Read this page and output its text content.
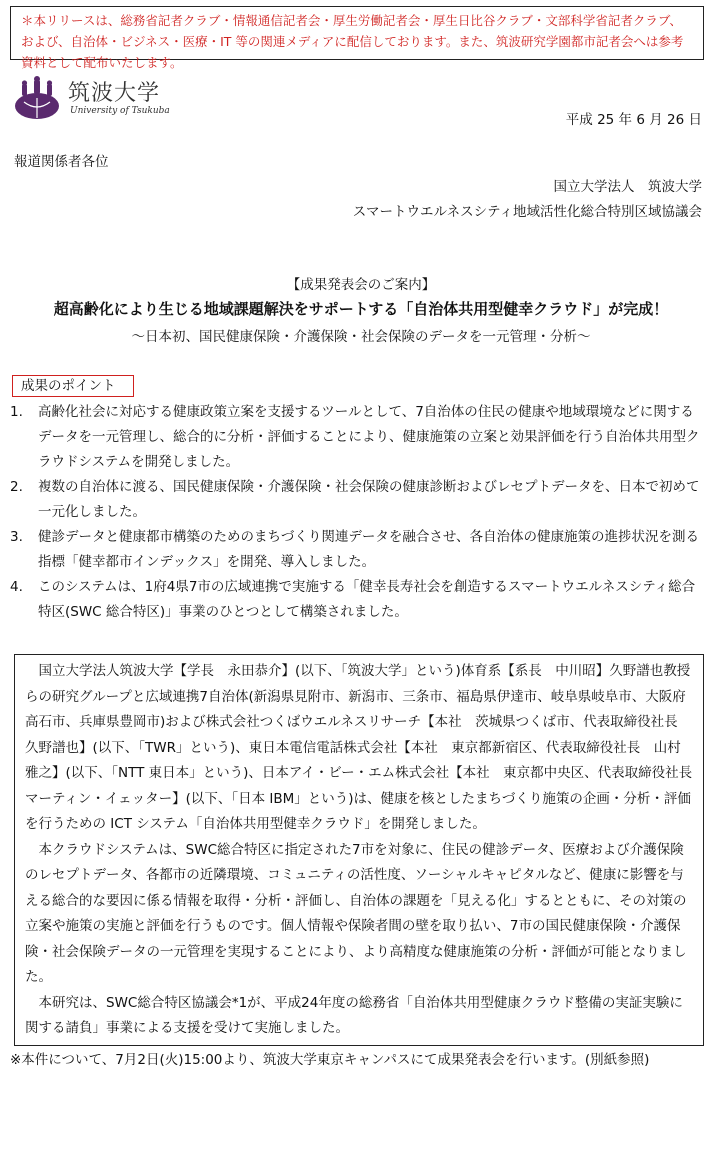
＊本リリースは、総務省記者クラブ・情報通信記者会・厚生労働記者会・厚生日比谷クラブ・文部科学省記者クラブ、および、自治体・ビジネス・医療・IT 等の関連メディアに配信しております。また、筑波研究学園都市記者会へは参考資料として配布いたします。
筑波大学
University of Tsukuba
平成 25 年 6 月 26 日
報道関係者各位
国立大学法人　筑波大学
スマートウエルネスシティ地域活性化総合特別区域協議会
【成果発表会のご案内】
超高齢化により生じる地域課題解決をサポートする「自治体共用型健幸クラウド」が完成！
～日本初、国民健康保険・介護保険・社会保険のデータを一元管理・分析～
成果のポイント
1. 高齢化社会に対応する健康政策立案を支援するツールとして、7自治体の住民の健康や地域環境などに関するデータを一元管理し、総合的に分析・評価することにより、健康施策の立案と効果評価を行う自治体共用型クラウドシステムを開発しました。
2. 複数の自治体に渡る、国民健康保険・介護保険・社会保険の健康診断およびレセプトデータを、日本で初めて一元化しました。
3. 健診データと健康都市構築のためのまちづくり関連データを融合させ、各自治体の健康施策の進捗状況を測る指標「健幸都市インデックス」を開発、導入しました。
4. このシステムは、1府4県7市の広域連携で実施する「健幸長寿社会を創造するスマートウエルネスシティ総合特区(SWC 総合特区)」事業のひとつとして構築されました。

国立大学法人筑波大学【学長　永田恭介】(以下、「筑波大学」という)体育系【系長　中川昭】久野譜也教授らの研究グループと広域連携7自治体(新潟県見附市、新潟市、三条市、福島県伊達市、岐阜県岐阜市、大阪府高石市、兵庫県豊岡市)および株式会社つくばウエルネスリサーチ【本社　茨城県つくば市、代表取締役社長　久野譜也】(以下、「TWR」という)、東日本電信電話株式会社【本社　東京都新宿区、代表取締役社長　山村雅之】(以下、「NTT 東日本」という)、日本アイ・ビー・エム株式会社【本社　東京都中央区、代表取締役社長　マーティン・イェッター】(以下、「日本 IBM」という)は、健康を核としたまちづくり施策の企画・分析・評価を行うための ICT システム「自治体共用型健幸クラウド」を開発しました。

本クラウドシステムは、SWC総合特区に指定された7市を対象に、住民の健診データ、医療および介護保険のレセプトデータ、各都市の近隣環境、コミュニティの活性度、ソーシャルキャピタルなど、健康に影響を与える総合的な要因に係る情報を取得・分析・評価し、自治体の課題を「見える化」するとともに、その対策の立案や施策の実施と評価を行うものです。個人情報や保険者間の壁を取り払い、7市の国民健康保険・介護保険・社会保険データの一元管理を実現することにより、より高精度な健康施策の分析・評価が可能となりました。

本研究は、SWC総合特区協議会*1が、平成24年度の総務省「自治体共用型健康クラウド整備の実証実験に関する請負」事業による支援を受けて実施しました。

※本件について、7月2日(火)15:00より、筑波大学東京キャンパスにて成果発表会を行います。(別紙参照)
